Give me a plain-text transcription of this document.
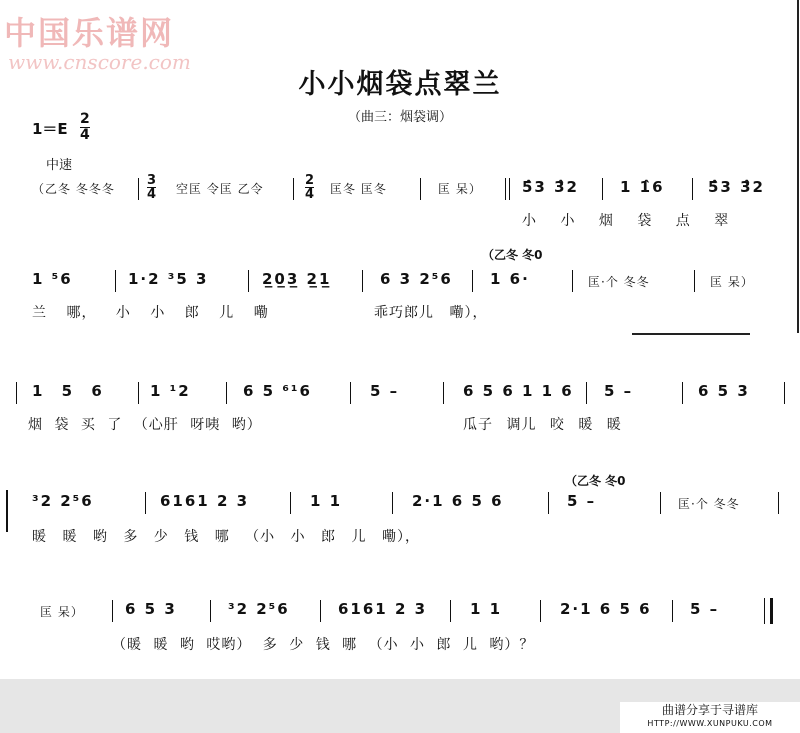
中国乐谱网
www.cnscore.com
小小烟袋点翠兰
（曲三：烟袋调）
1＝E
2
4
中速
（乙冬 冬冬冬
3
4 空匡 令匡 乙令
2
4 匡冬 匡冬	匡 呆）	5̂3 3̂2	1 1̂6	5̂3 3̂2
小 小 烟 袋 点 翠
（乙冬 冬0
1 ⁵6	1·2 ³5 3	2̲0̲3̲ 2̲1̲	6 3 2⁵6 1 6·	匡·个 冬冬	匡 呆）
兰 哪， 小 小 郎 儿 嘞	乖巧郎儿 嘞），
1 5 6	1 ¹2	6 5 ⁶¹6	5 –	6 5 6 1 1 6 5 –	6 5 3
烟 袋 买 了 （心肝 呀咦 哟）	瓜子 调儿 咬 暖 暖
（乙冬 冬0
³2 2⁵6	6161 2 3	1 1	2·1 6 5 6	5 –	匡·个 冬冬
暖 暖 哟 多 少 钱 哪 （小 小 郎 儿 嘞），
匡 呆）	6 5 3	³2 2⁵6	6161 2 3	1 1	2·1 6 5 6	5 –
（暖 暖 哟 哎哟） 多 少 钱 哪 （小 小 郎 儿 哟）？
曲谱分享于寻谱库
HTTP://WWW.XUNPUKU.COM
